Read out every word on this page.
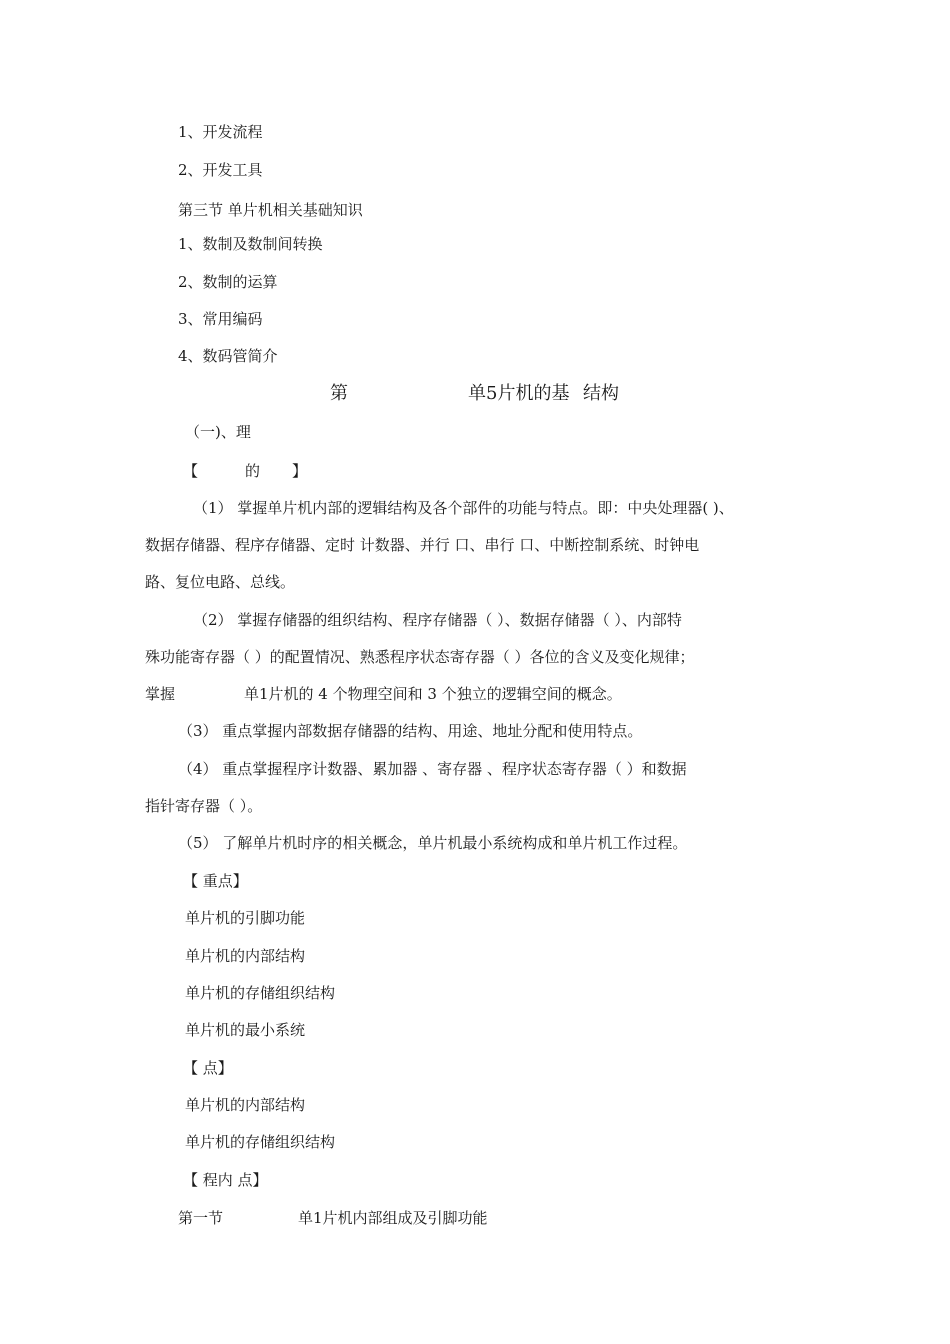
1、开发流程
2、开发工具
第三节 单片机相关基础知识
1、数制及数制间转换
2、数制的运算
3、常用编码
4、数码管简介
第	单5片机的基 结构
（一)、理
【	的 】
（1） 掌握单片机内部的逻辑结构及各个部件的功能与特点。即：中央处理器( )、
数据存储器、程序存储器、定时 计数器、并行 口、串行 口、中断控制系统、时钟电
路、复位电路、总线。
（2） 掌握存储器的组织结构、程序存储器（ ）、数据存储器（ ）、内部特
殊功能寄存器（ ）的配置情况、熟悉程序状态寄存器（ ）各位的含义及变化规律；
掌握	单1片机的 4 个物理空间和 3 个独立的逻辑空间的概念。
（3） 重点掌握内部数据存储器的结构、用途、地址分配和使用特点。
（4） 重点掌握程序计数器、累加器 、寄存器 、程序状态寄存器（ ）和数据
指针寄存器（ ）。
（5） 了解单片机时序的相关概念，单片机最小系统构成和单片机工作过程。
【 重点】
单片机的引脚功能
单片机的内部结构
单片机的存储组织结构
单片机的最小系统
【 点】
单片机的内部结构
单片机的存储组织结构
【 程内 点】
第一节	单1片机内部组成及引脚功能
